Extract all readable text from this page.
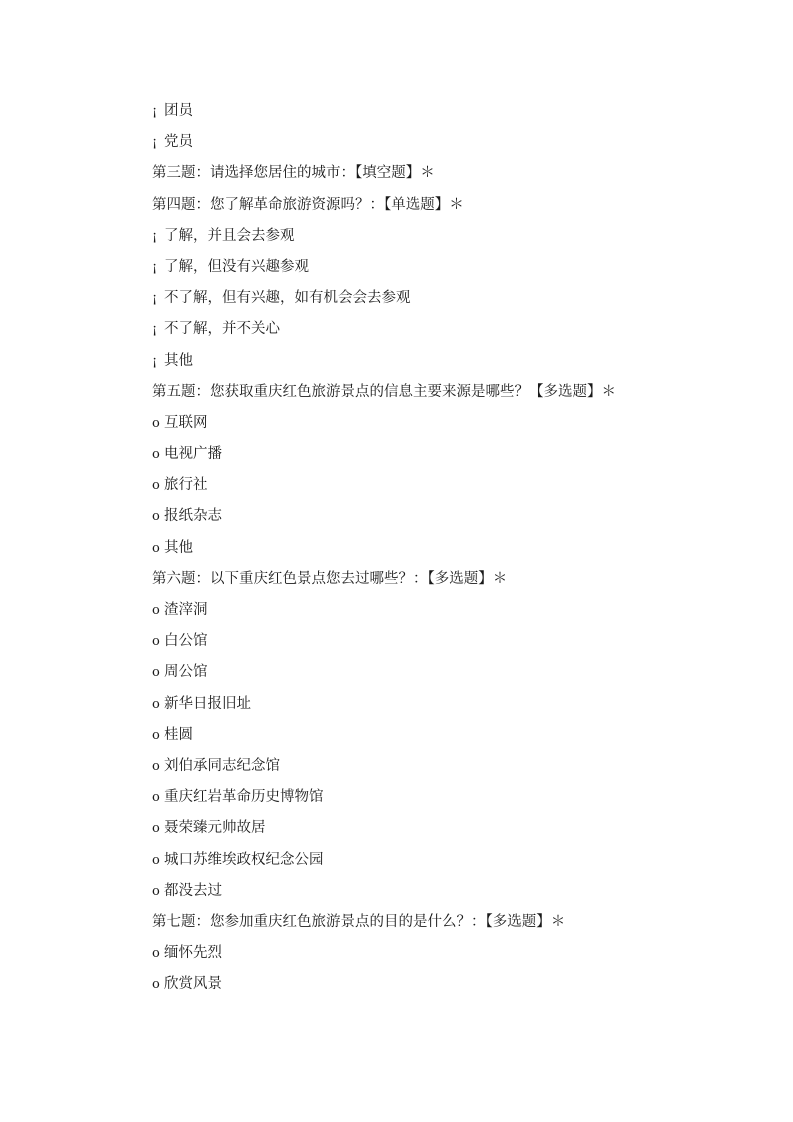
¡ 团员
¡ 党员
第三题：请选择您居住的城市：【填空题】＊
第四题：您了解革命旅游资源吗？：【单选题】＊
¡ 了解，并且会去参观
¡ 了解，但没有兴趣参观
¡ 不了解，但有兴趣，如有机会会去参观
¡ 不了解，并不关心
¡ 其他
第五题：您获取重庆红色旅游景点的信息主要来源是哪些？【多选题】＊
o 互联网
o 电视广播
o 旅行社
o 报纸杂志
o 其他
第六题：以下重庆红色景点您去过哪些？：【多选题】＊
o 渣滓洞
o 白公馆
o 周公馆
o 新华日报旧址
o 桂圆
o 刘伯承同志纪念馆
o 重庆红岩革命历史博物馆
o 聂荣臻元帅故居
o 城口苏维埃政权纪念公园
o 都没去过
第七题：您参加重庆红色旅游景点的目的是什么？：【多选题】＊
o 缅怀先烈
o 欣赏风景
